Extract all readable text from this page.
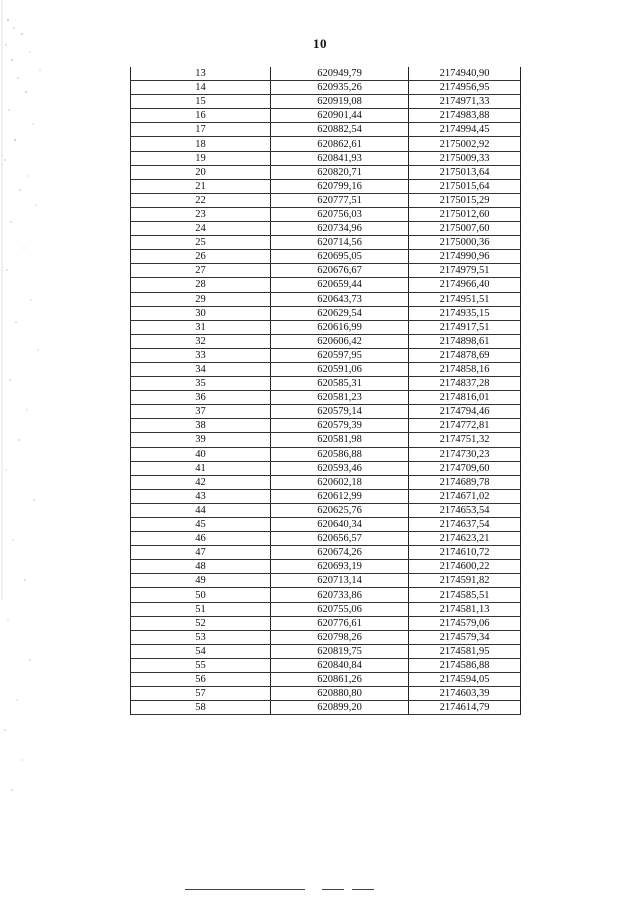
10
13	620949,79	2174940,90
14	620935,26	2174956,95
15	620919,08	2174971,33
16	620901,44	2174983,88
17	620882,54	2174994,45
18	620862,61	2175002,92
19	620841,93	2175009,33
20	620820,71	2175013,64
21	620799,16	2175015,64
22	620777,51	2175015,29
23	620756,03	2175012,60
24	620734,96	2175007,60
25	620714,56	2175000,36
26	620695,05	2174990,96
27	620676,67	2174979,51
28	620659,44	2174966,40
29	620643,73	2174951,51
30	620629,54	2174935,15
31	620616,99	2174917,51
32	620606,42	2174898,61
33	620597,95	2174878,69
34	620591,06	2174858,16
35	620585,31	2174837,28
36	620581,23	2174816,01
37	620579,14	2174794,46
38	620579,39	2174772,81
39	620581,98	2174751,32
40	620586,88	2174730,23
41	620593,46	2174709,60
42	620602,18	2174689,78
43	620612,99	2174671,02
44	620625,76	2174653,54
45	620640,34	2174637,54
46	620656,57	2174623,21
47	620674,26	2174610,72
48	620693,19	2174600,22
49	620713,14	2174591,82
50	620733,86	2174585,51
51	620755,06	2174581,13
52	620776,61	2174579,06
53	620798,26	2174579,34
54	620819,75	2174581,95
55	620840,84	2174586,88
56	620861,26	2174594,05
57	620880,80	2174603,39
58	620899,20	2174614,79
